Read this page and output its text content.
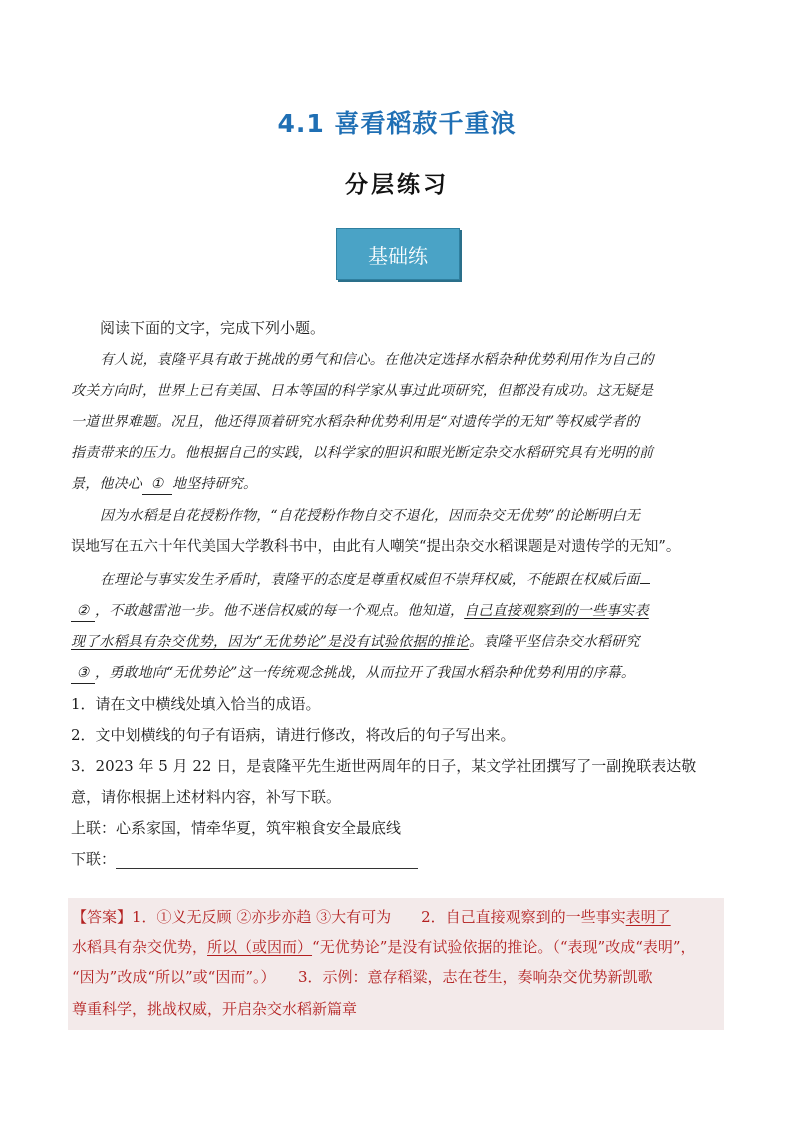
4.1 喜看稻菽千重浪
分层练习
基础练
阅读下面的文字，完成下列小题。
有人说，袁隆平具有敢于挑战的勇气和信心。在他决定选择水稻杂种优势利用作为自己的
攻关方向时，世界上已有美国、日本等国的科学家从事过此项研究，但都没有成功。这无疑是
一道世界难题。况且，他还得顶着研究水稻杂种优势利用是“对遗传学的无知”等权威学者的
指责带来的压力。他根据自己的实践，以科学家的胆识和眼光断定杂交水稻研究具有光明的前
景，他决心 ① 地坚持研究。
因为水稻是自花授粉作物，“自花授粉作物自交不退化，因而杂交无优势”的论断明白无
误地写在五六十年代美国大学教科书中，由此有人嘲笑“提出杂交水稻课题是对遗传学的无知”。
在理论与事实发生矛盾时，袁隆平的态度是尊重权威但不崇拜权威，不能跟在权威后面
② ，不敢越雷池一步。他不迷信权威的每一个观点。他知道，自己直接观察到的一些事实表
现了水稻具有杂交优势，因为“无优势论”是没有试验依据的推论。袁隆平坚信杂交水稻研究
③ ，勇敢地向“无优势论”这一传统观念挑战，从而拉开了我国水稻杂种优势利用的序幕。
1．请在文中横线处填入恰当的成语。
2．文中划横线的句子有语病，请进行修改，将改后的句子写出来。
3．2023 年 5 月 22 日，是袁隆平先生逝世两周年的日子，某文学社团撰写了一副挽联表达敬
意，请你根据上述材料内容，补写下联。
上联：心系家国，情牵华夏，筑牢粮食安全最底线
下联：
【答案】1．①义无反顾 ②亦步亦趋 ③大有可为　　2．自己直接观察到的一些事实表明了
水稻具有杂交优势，所以（或因而）“无优势论”是没有试验依据的推论。（“表现”改成“表明”，
“因为”改成“所以”或“因而”。）　　3．示例：意存稻粱，志在苍生，奏响杂交优势新凯歌
尊重科学，挑战权威，开启杂交水稻新篇章
